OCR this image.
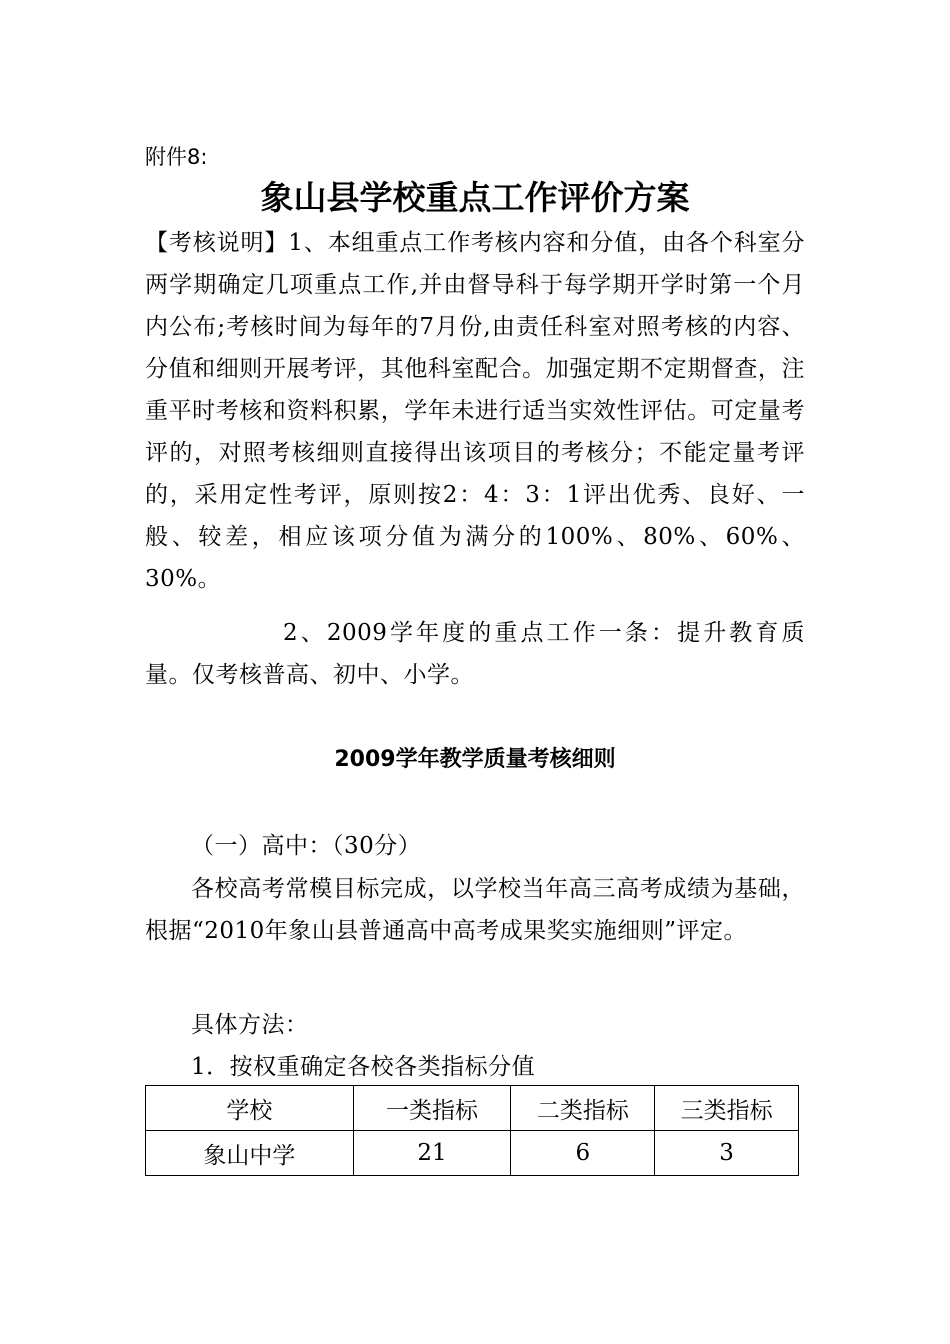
附件8:

象山县学校重点工作评价方案

【考核说明】1、本组重点工作考核内容和分值，由各个科室分两学期确定几项重点工作,并由督导科于每学期开学时第一个月内公布;考核时间为每年的7月份,由责任科室对照考核的内容、分值和细则开展考评，其他科室配合。加强定期不定期督查，注重平时考核和资料积累，学年未进行适当实效性评估。可定量考评的，对照考核细则直接得出该项目的考核分；不能定量考评的，采用定性考评，原则按2：4：3：1评出优秀、良好、一般、较差，相应该项分值为满分的100%、80%、60%、30%。

2、2009学年度的重点工作一条：提升教育质量。仅考核普高、初中、小学。

2009学年教学质量考核细则

（一）高中：（30分）

各校高考常模目标完成，以学校当年高三高考成绩为基础，根据“2010年象山县普通高中高考成果奖实施细则”评定。

具体方法：

1．按权重确定各校各类指标分值

学校	一类指标	二类指标	三类指标
象山中学	21	6	3
